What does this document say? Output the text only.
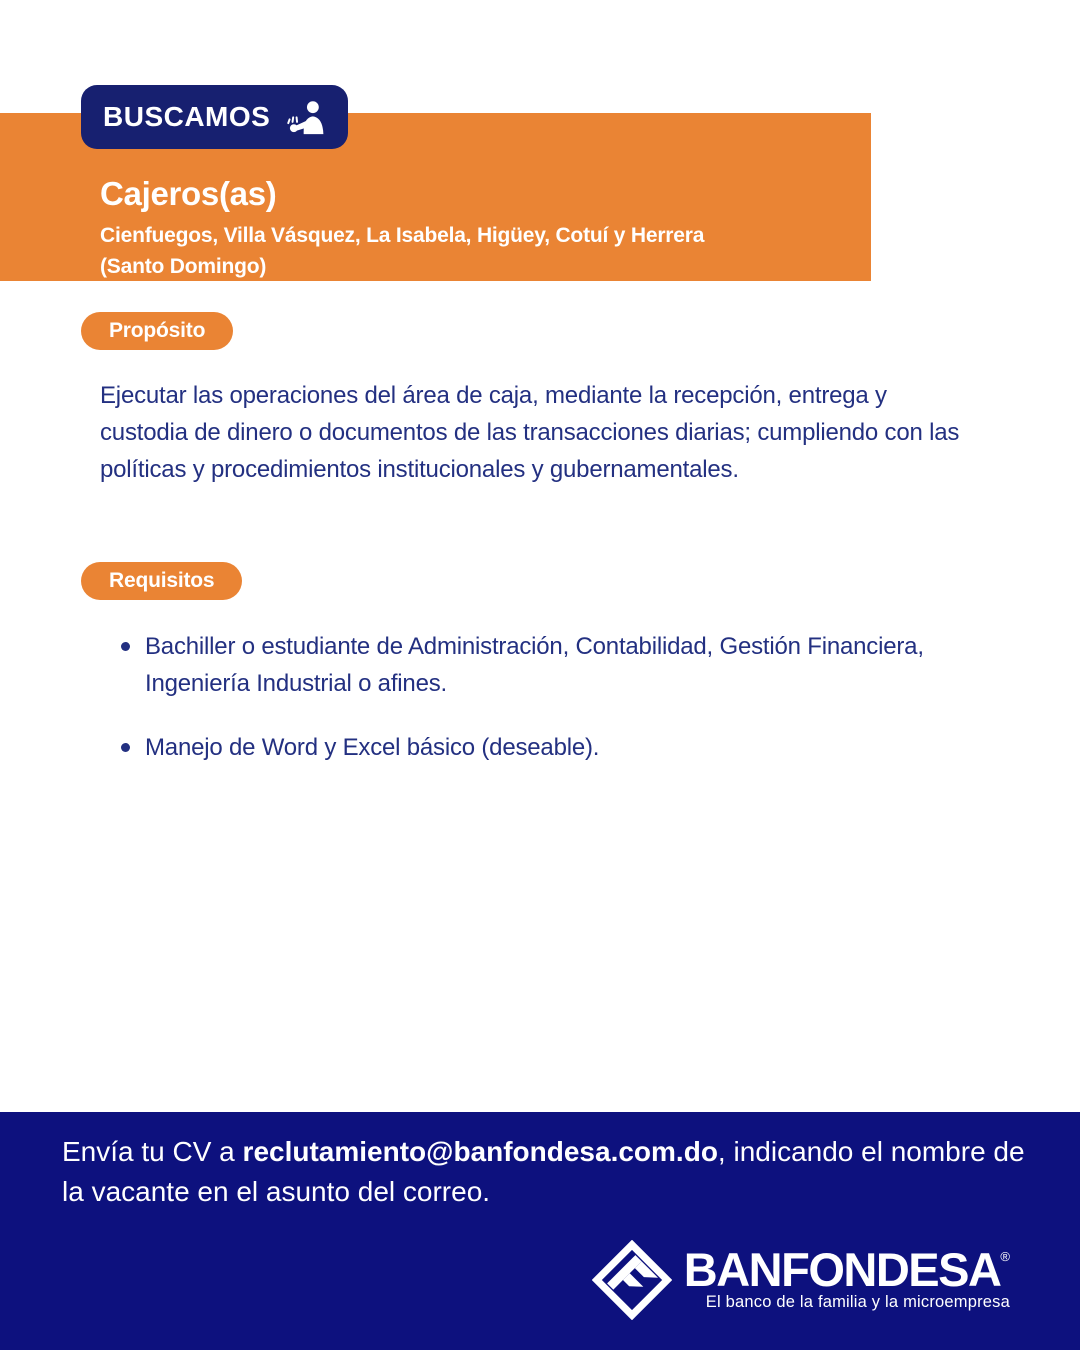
BUSCAMOS
Cajeros(as)
Cienfuegos, Villa Vásquez, La Isabela, Higüey, Cotuí y Herrera
(Santo Domingo)
Propósito
Ejecutar las operaciones del área de caja, mediante la recepción, entrega y custodia de dinero o documentos de las transacciones diarias; cumpliendo con las políticas y procedimientos institucionales y gubernamentales.
Requisitos
Bachiller o estudiante de Administración, Contabilidad, Gestión Financiera, Ingeniería Industrial o afines.
Manejo de Word y Excel básico (deseable).
Envía tu CV a reclutamiento@banfondesa.com.do, indicando el nombre de la vacante en el asunto del correo.
BANFONDESA ®
El banco de la familia y la microempresa
